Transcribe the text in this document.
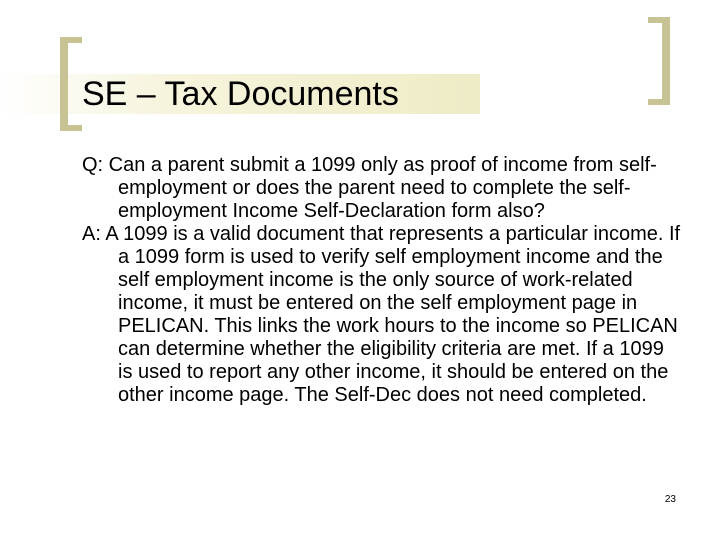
SE – Tax Documents

Q: Can a parent submit a 1099 only as proof of income from self-employment or does the parent need to complete the self-employment Income Self-Declaration form also?

A: A 1099 is a valid document that represents a particular income. If a 1099 form is used to verify self employment income and the self employment income is the only source of work-related income, it must be entered on the self employment page in PELICAN. This links the work hours to the income so PELICAN can determine whether the eligibility criteria are met. If a 1099 is used to report any other income, it should be entered on the other income page. The Self-Dec does not need completed.

23
